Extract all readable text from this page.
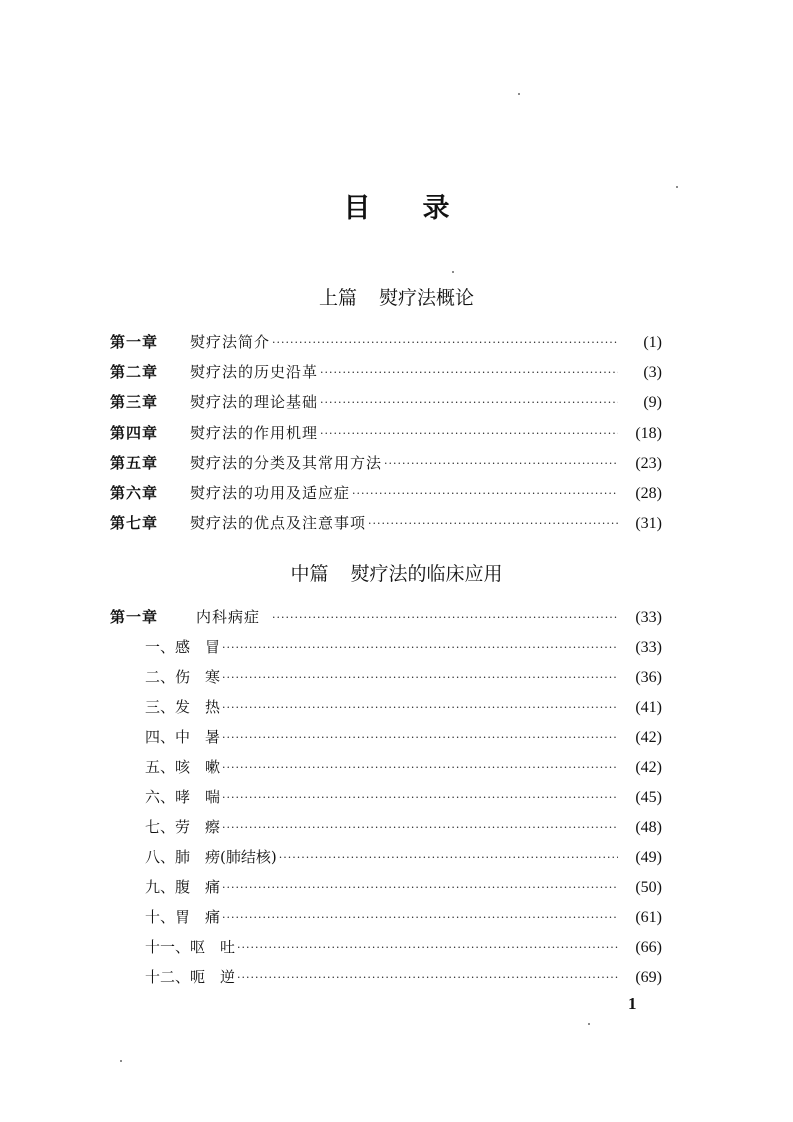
目录
上篇 熨疗法概论
第一章	熨疗法简介 ·····	(1)
第二章	熨疗法的历史沿革 ·····	(3)
第三章	熨疗法的理论基础 ·····	(9)
第四章	熨疗法的作用机理 ·····	(18)
第五章	熨疗法的分类及其常用方法 ·····	(23)
第六章	熨疗法的功用及适应症 ·····	(28)
第七章	熨疗法的优点及注意事项 ·····	(31)
中篇 熨疗法的临床应用
第一章	内科病症 ·····	(33)
一、感　冒 ·····	(33)
二、伤　寒 ·····	(36)
三、发　热 ·····	(41)
四、中　暑 ·····	(42)
五、咳　嗽 ·····	(42)
六、哮　喘 ·····	(45)
七、劳　瘵 ·····	(48)
八、肺　痨(肺结核) ·····	(49)
九、腹　痛 ·····	(50)
十、胃　痛 ·····	(61)
十一、呕　吐 ·····	(66)
十二、呃　逆 ·····	(69)
1
